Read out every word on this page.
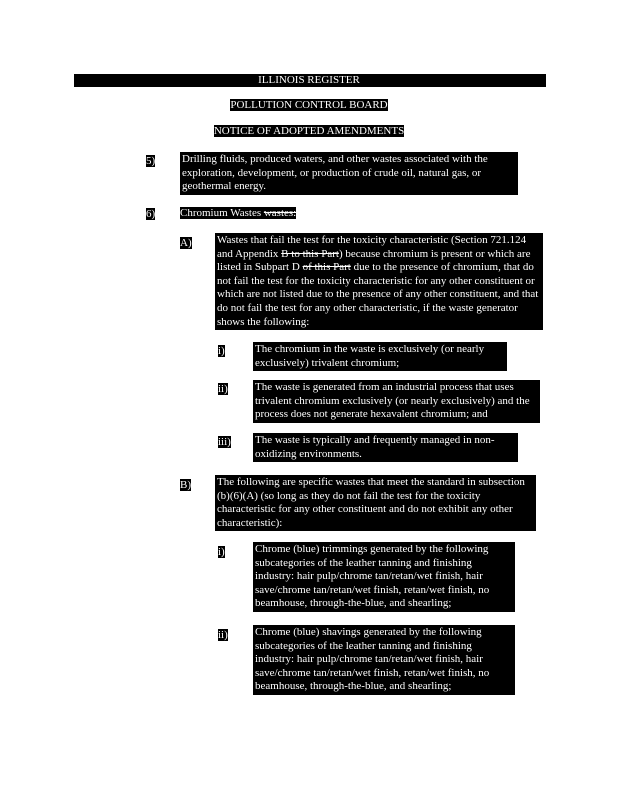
ILLINOIS REGISTER
POLLUTION CONTROL BOARD
NOTICE OF ADOPTED AMENDMENTS
5) Drilling fluids, produced waters, and other wastes associated with the exploration, development, or production of crude oil, natural gas, or geothermal energy.
6) Chromium Wastes wastes:
A) Wastes that fail the test for the toxicity characteristic (Section 721.124 and Appendix B to this Part) because chromium is present or which are listed in Subpart D of this Part due to the presence of chromium, that do not fail the test for the toxicity characteristic for any other constituent or which are not listed due to the presence of any other constituent, and that do not fail the test for any other characteristic, if the waste generator shows the following:
i)	The chromium in the waste is exclusively (or nearly exclusively) trivalent chromium;
ii) The waste is generated from an industrial process that uses trivalent chromium exclusively (or nearly exclusively) and the process does not generate hexavalent chromium; and
iii) The waste is typically and frequently managed in non-oxidizing environments.
B) The following are specific wastes that meet the standard in subsection (b)(6)(A) (so long as they do not fail the test for the toxicity characteristic for any other constituent and do not exhibit any other characteristic):
i)	Chrome (blue) trimmings generated by the following subcategories of the leather tanning and finishing industry: hair pulp/chrome tan/retan/wet finish, hair save/chrome tan/retan/wet finish, retan/wet finish, no beamhouse, through-the-blue, and shearling;
ii) Chrome (blue) shavings generated by the following subcategories of the leather tanning and finishing industry: hair pulp/chrome tan/retan/wet finish, hair save/chrome tan/retan/wet finish, retan/wet finish, no beamhouse, through-the-blue, and shearling;
